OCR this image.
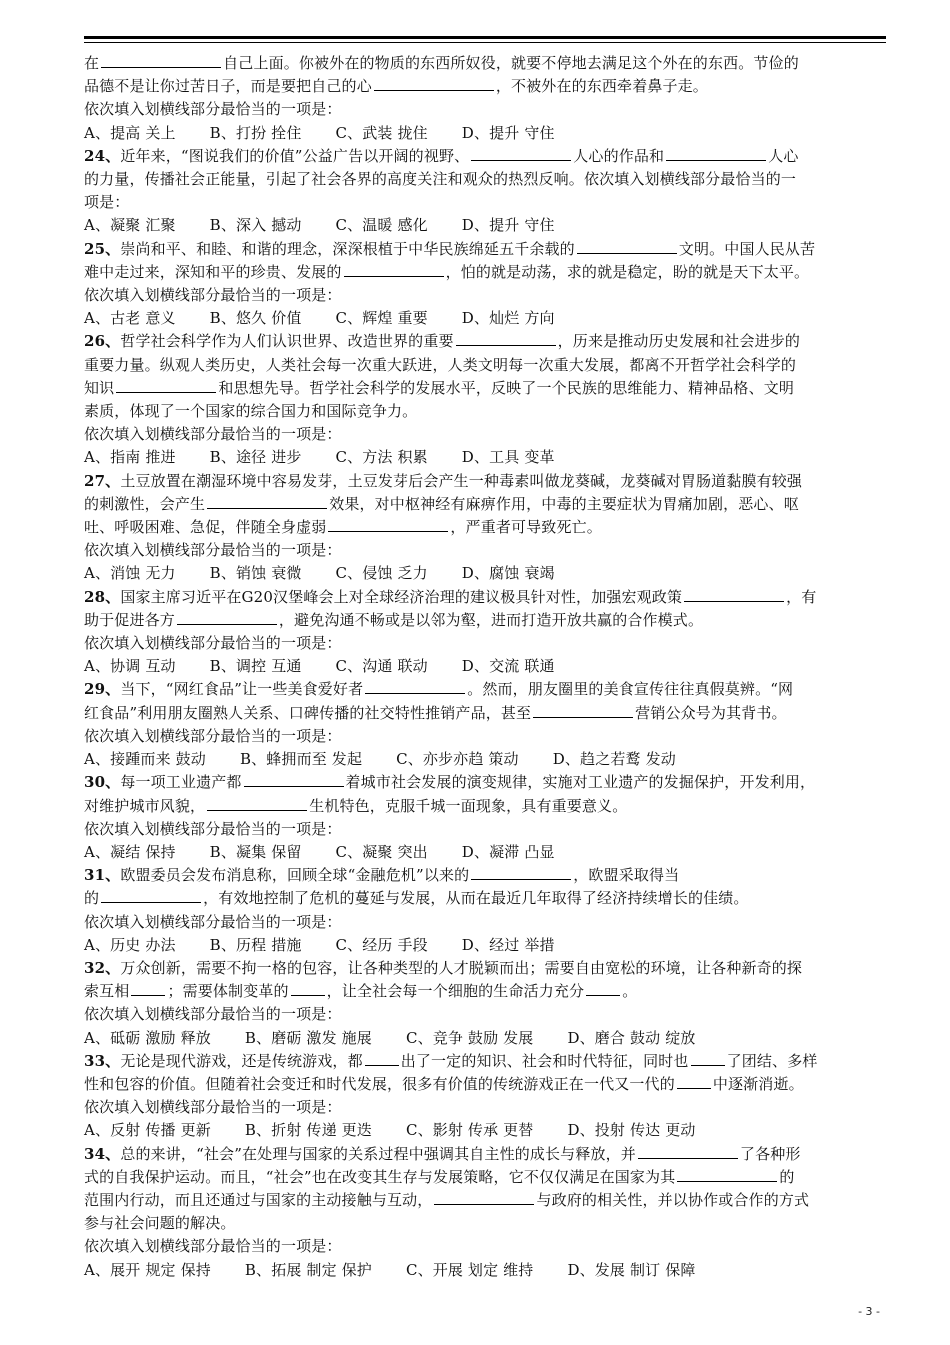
在	自己上面。你被外在的物质的东西所奴役，就要不停地去满足这个外在的东西。节俭的

品德不是让你过苦日子，而是要把自己的心	，不被外在的东西牵着鼻子走。

依次填入划横线部分最恰当的一项是：

A、提高 关上 B、打扮 拴住 C、武装 拢住 D、提升 守住

24、近年来，“图说我们的价值”公益广告以开阔的视野、	人心的作品和	人心

的力量，传播社会正能量，引起了社会各界的高度关注和观众的热烈反响。依次填入划横线部分最恰当的一

项是：

A、凝聚 汇聚 B、深入 撼动 C、温暖 感化 D、提升 守住

25、崇尚和平、和睦、和谐的理念，深深根植于中华民族绵延五千余载的	文明。中国人民从苦

难中走过来，深知和平的珍贵、发展的	，怕的就是动荡，求的就是稳定，盼的就是天下太平。

依次填入划横线部分最恰当的一项是：

A、古老 意义 B、悠久 价值 C、辉煌 重要 D、灿烂 方向

26、哲学社会科学作为人们认识世界、改造世界的重要	，历来是推动历史发展和社会进步的

重要力量。纵观人类历史，人类社会每一次重大跃进，人类文明每一次重大发展，都离不开哲学社会科学的

知识	和思想先导。哲学社会科学的发展水平，反映了一个民族的思维能力、精神品格、文明

素质，体现了一个国家的综合国力和国际竞争力。

依次填入划横线部分最恰当的一项是：

A、指南 推进 B、途径 进步 C、方法 积累 D、工具 变革

27、土豆放置在潮湿环境中容易发芽，土豆发芽后会产生一种毒素叫做龙葵碱，龙葵碱对胃肠道黏膜有较强

的刺激性，会产生	效果，对中枢神经有麻痹作用，中毒的主要症状为胃痛加剧，恶心、呕

吐、呼吸困难、急促，伴随全身虚弱	，严重者可导致死亡。

依次填入划横线部分最恰当的一项是：

A、消蚀 无力 B、销蚀 衰微 C、侵蚀 乏力 D、腐蚀 衰竭

28、国家主席习近平在G20汉堡峰会上对全球经济治理的建议极具针对性，加强宏观政策	，有

助于促进各方	，避免沟通不畅或是以邻为壑，进而打造开放共赢的合作模式。

依次填入划横线部分最恰当的一项是：

A、协调 互动 B、调控 互通 C、沟通 联动 D、交流 联通

29、当下，“网红食品”让一些美食爱好者	。然而，朋友圈里的美食宣传往往真假莫辨。“网

红食品”利用朋友圈熟人关系、口碑传播的社交特性推销产品，甚至	营销公众号为其背书。

依次填入划横线部分最恰当的一项是：

A、接踵而来 鼓动 B、蜂拥而至 发起 C、亦步亦趋 策动 D、趋之若鹜 发动

30、每一项工业遗产都	着城市社会发展的演变规律，实施对工业遗产的发掘保护，开发利用，

对维护城市风貌，	生机特色，克服千城一面现象，具有重要意义。

依次填入划横线部分最恰当的一项是：

A、凝结 保持 B、凝集 保留 C、凝聚 突出 D、凝滞 凸显

31、欧盟委员会发布消息称，回顾全球“金融危机”以来的	，欧盟采取得当

的	，有效地控制了危机的蔓延与发展，从而在最近几年取得了经济持续增长的佳绩。

依次填入划横线部分最恰当的一项是：

A、历史 办法 B、历程 措施 C、经历 手段 D、经过 举措

32、万众创新，需要不拘一格的包容，让各种类型的人才脱颖而出；需要自由宽松的环境，让各种新奇的探

索互相	；需要体制变革的	，让全社会每一个细胞的生命活力充分	。

依次填入划横线部分最恰当的一项是：

A、砥砺 激励 释放 B、磨砺 激发 施展 C、竞争 鼓励 发展 D、磨合 鼓动 绽放

33、无论是现代游戏，还是传统游戏，都	出了一定的知识、社会和时代特征，同时也	了团结、多样

性和包容的价值。但随着社会变迁和时代发展，很多有价值的传统游戏正在一代又一代的	中逐渐消逝。

依次填入划横线部分最恰当的一项是：

A、反射 传播 更新 B、折射 传递 更迭 C、影射 传承 更替 D、投射 传达 更动

34、总的来讲，“社会”在处理与国家的关系过程中强调其自主性的成长与释放，并	了各种形

式的自我保护运动。而且，“社会”也在改变其生存与发展策略，它不仅仅满足在国家为其	的

范围内行动，而且还通过与国家的主动接触与互动，	与政府的相关性，并以协作或合作的方式

参与社会问题的解决。

依次填入划横线部分最恰当的一项是：

A、展开 规定 保持 B、拓展 制定 保护 C、开展 划定 维持 D、发展 制订 保障

- 3 -
